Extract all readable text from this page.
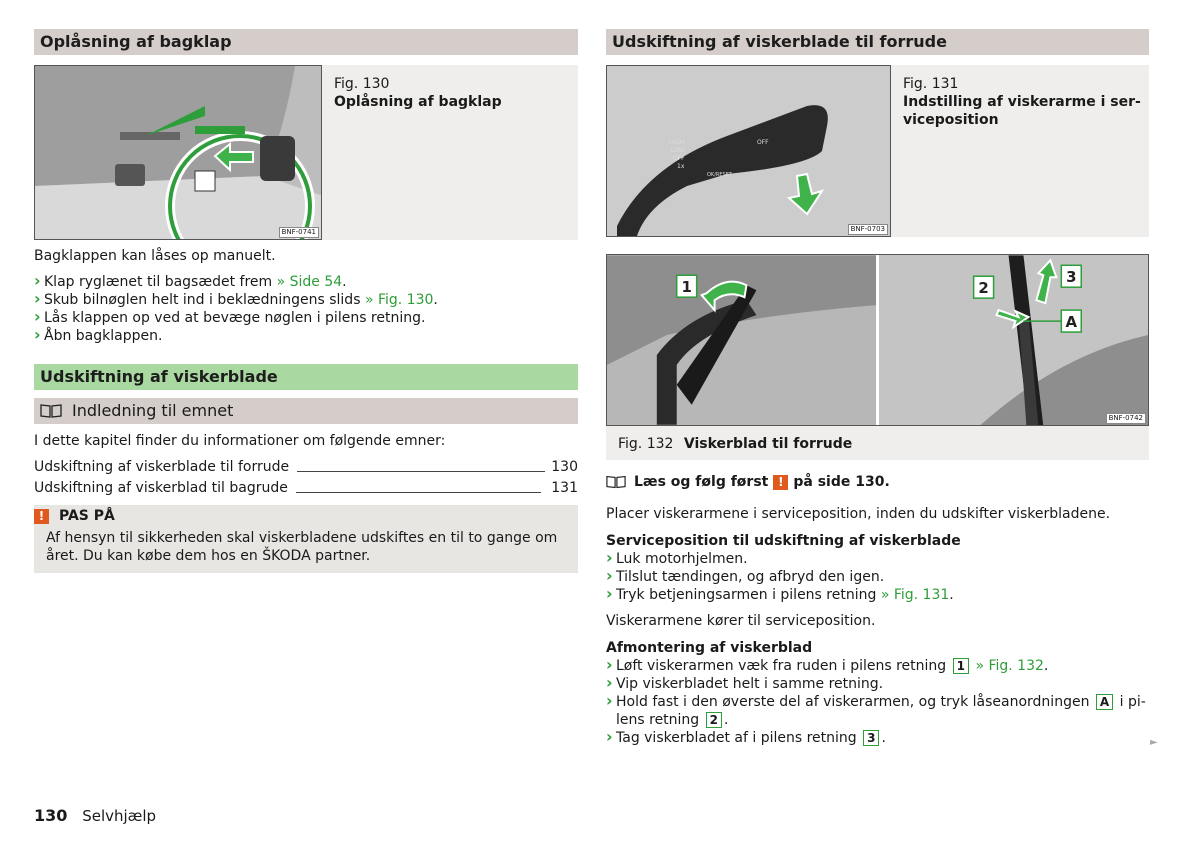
Oplåsning af bagklap
BNF-0741
Fig. 130
Oplåsning af bagklap

Bagklappen kan låses op manuelt.

› Klap ryglænet til bagsædet frem » Side 54.
› Skub bilnøglen helt ind i beklædningens slids » Fig. 130.
› Lås klappen op ved at bevæge nøglen i pilens retning.
› Åbn bagklappen.
Udskiftning af viskerblade
Indledning til emnet

I dette kapitel finder du informationer om følgende emner:

Udskiftning af viskerblade til forrude	130
Udskiftning af viskerblad til bagrude	131
!	PAS PÅ

Af hensyn til sikkerheden skal viskerbladene udskiftes en til to gange om året. Du kan købe dem hos en ŠKODA partner.

Udskiftning af viskerblade til forrude
HIGH
LOW
OFF
1x
OFF
OK/RESET
BNF-0703
Fig. 131
Indstilling af viskerarme i ser-
viceposition
1
3
2
A
BNF-0742
Fig. 132 Viskerblad til forrude
Læs og følg først ! på side 130.

Placer viskerarmene i serviceposition, inden du udskifter viskerbladene.

Serviceposition til udskiftning af viskerblade

› Luk motorhjelmen.
› Tilslut tændingen, og afbryd den igen.
› Tryk betjeningsarmen i pilens retning » Fig. 131.

Viskerarmene kører til serviceposition.

Afmontering af viskerblad

› Løft viskerarmen væk fra ruden i pilens retning 1 » Fig. 132.
› Vip viskerbladet helt i samme retning.
› Hold fast i den øverste del af viskerarmen, og tryk låseanordningen A i pi-
lens retning 2 .
› Tag viskerbladet af i pilens retning 3 .	►
130 Selvhjælp
